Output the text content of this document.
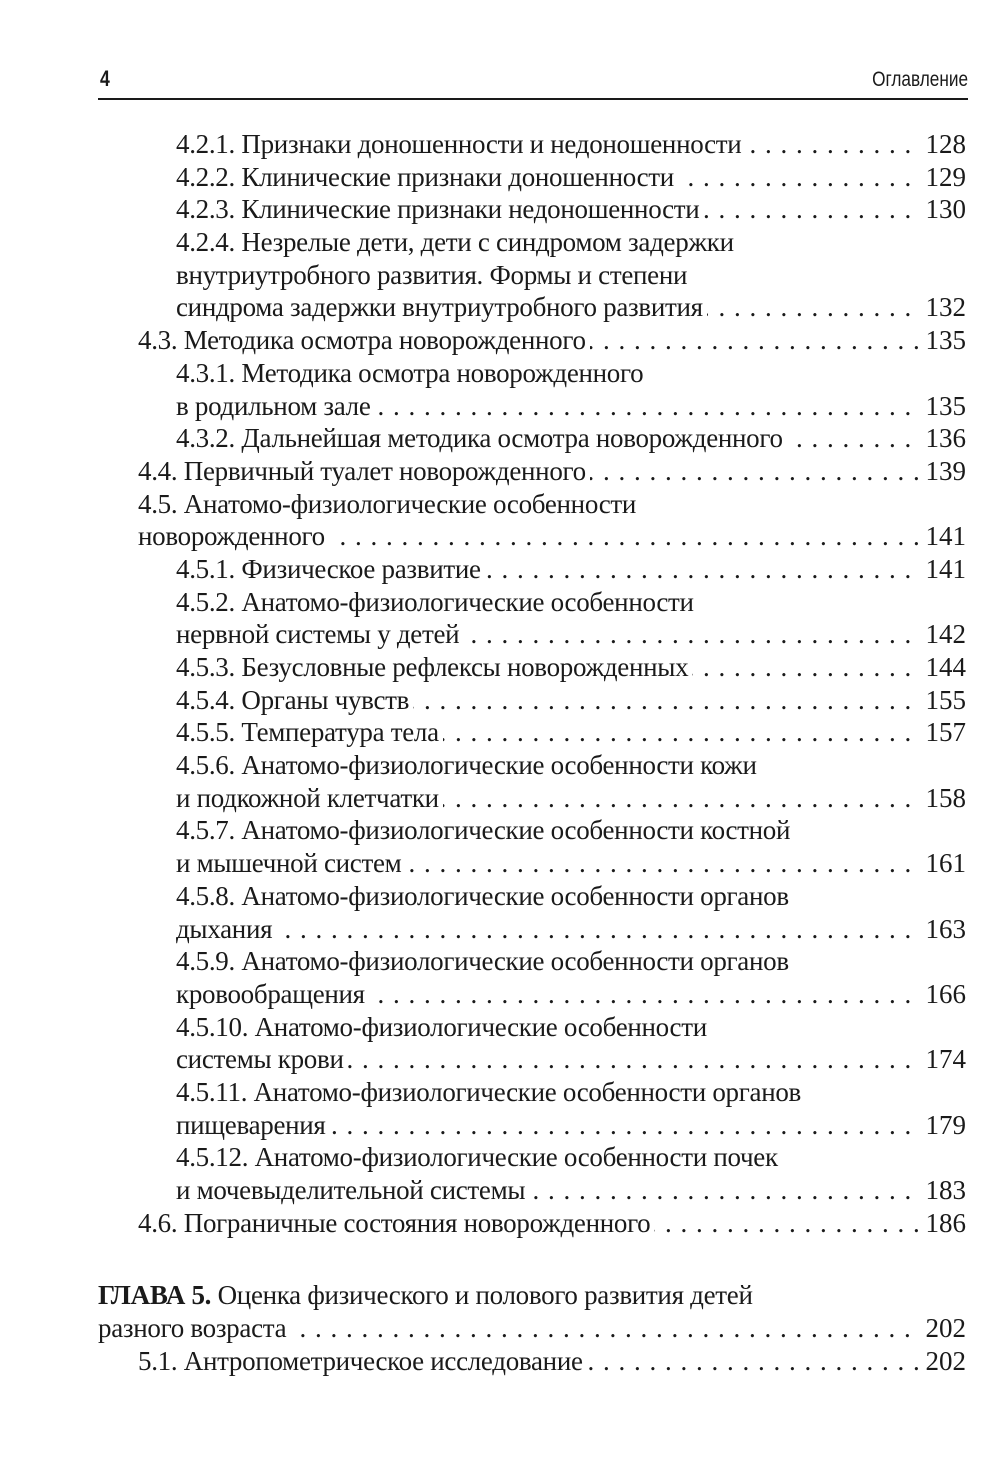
4	Оглавление
4.2.1. Признаки доношенности и недоношенности	128
. . .
4.2.2. Клинические признаки доношенности	129
. . .
4.2.3. Клинические признаки недоношенности	130
. . .
4.2.4. Незрелые дети, дети с синдромом задержки
внутриутробного развития. Формы и степени
синдрома задержки внутриутробного развития	132
. . .
4.3. Методика осмотра новорожденного	135
. . .
4.3.1. Методика осмотра новорожденного
в родильном зале	135
. . .
4.3.2. Дальнейшая методика осмотра новорожденного	136
. . .
4.4. Первичный туалет новорожденного	139
. . .
4.5. Анатомо-физиологические особенности
новорожденного	141
. . .
4.5.1. Физическое развитие	141
. . .
4.5.2. Анатомо-физиологические особенности
нервной системы у детей	142
. . .
4.5.3. Безусловные рефлексы новорожденных	144
. . .
4.5.4. Органы чувств	155
. . .
4.5.5. Температура тела	157
. . .
4.5.6. Анатомо-физиологические особенности кожи
и подкожной клетчатки	158
. . .
4.5.7. Анатомо-физиологические особенности костной
и мышечной систем	161
. . .
4.5.8. Анатомо-физиологические особенности органов
дыхания	163
. . .
4.5.9. Анатомо-физиологические особенности органов
кровообращения	166
. . .
4.5.10. Анатомо-физиологические особенности
системы крови	174
. . .
4.5.11. Анатомо-физиологические особенности органов
пищеварения	179
. . .
4.5.12. Анатомо-физиологические особенности почек
и мочевыделительной системы	183
. . .
4.6. Пограничные состояния новорожденного	186
. . .
ГЛАВА 5. Оценка физического и полового развития детей
разного возраста	202
. . .
5.1. Антропометрическое исследование	202
. . .
